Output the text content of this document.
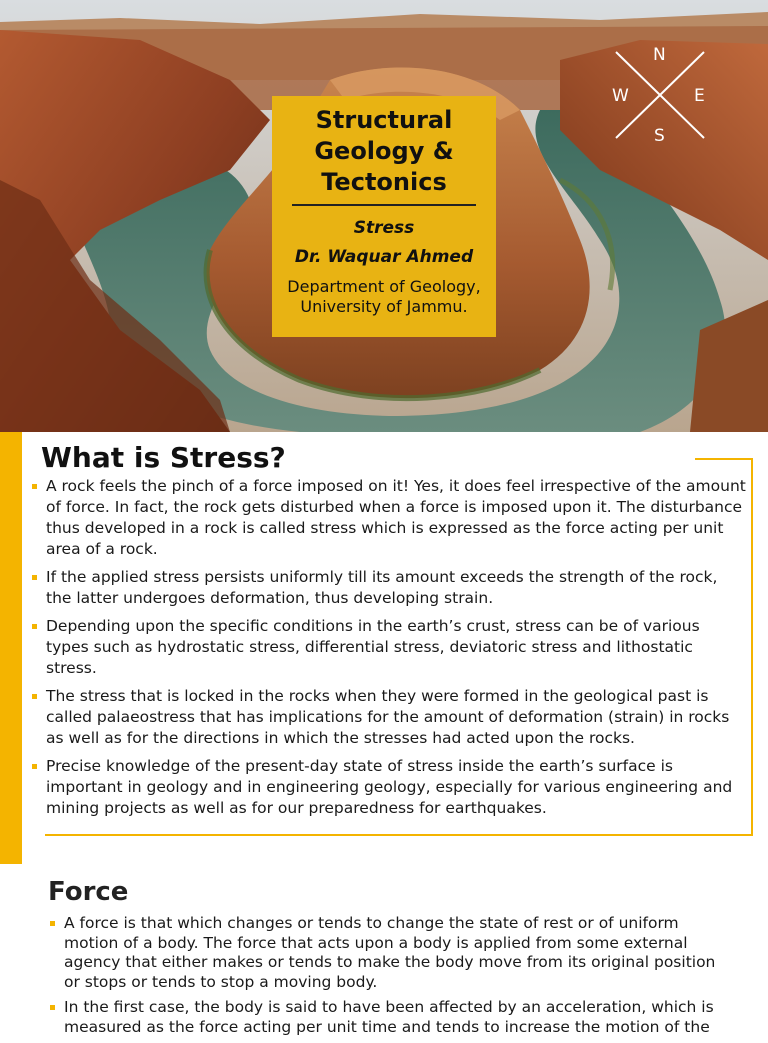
Structural
Geology &
Tectonics
Stress
Dr. Waquar Ahmed
Department of Geology, University of Jammu.
N
W	E
S
What is Stress?
A rock feels the pinch of a force imposed on it! Yes, it does feel irrespective of the amount of force. In fact, the rock gets disturbed when a force is imposed upon it. The disturbance thus developed in a rock is called stress which is expressed as the force acting per unit area of a rock.
If the applied stress persists uniformly till its amount exceeds the strength of the rock, the latter undergoes deformation, thus developing strain.
Depending upon the specific conditions in the earth’s crust, stress can be of various types such as hydrostatic stress, differential stress, deviatoric stress and lithostatic stress.
The stress that is locked in the rocks when they were formed in the geological past is called palaeostress that has implications for the amount of deformation (strain) in rocks as well as for the directions in which the stresses had acted upon the rocks.
Precise knowledge of the present-day state of stress inside the earth’s surface is important in geology and in engineering geology, especially for various engineering and mining projects as well as for our preparedness for earthquakes.
Force
A force is that which changes or tends to change the state of rest or of uniform motion of a body. The force that acts upon a body is applied from some external agency that either makes or tends to make the body move from its original position or stops or tends to stop a moving body.
In the first case, the body is said to have been affected by an acceleration, which is measured as the force acting per unit time and tends to increase the motion of the
